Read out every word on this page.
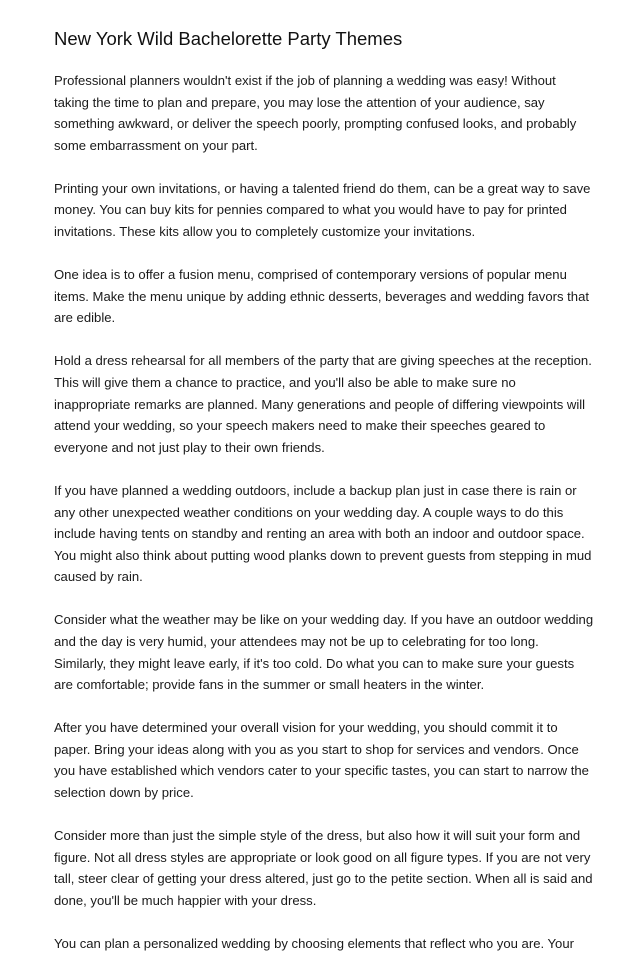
New York Wild Bachelorette Party Themes

Professional planners wouldn't exist if the job of planning a wedding was easy! Without
taking the time to plan and prepare, you may lose the attention of your audience, say
something awkward, or deliver the speech poorly, prompting confused looks, and probably
some embarrassment on your part.

Printing your own invitations, or having a talented friend do them, can be a great way to save
money. You can buy kits for pennies compared to what you would have to pay for printed
invitations. These kits allow you to completely customize your invitations.

One idea is to offer a fusion menu, comprised of contemporary versions of popular menu
items. Make the menu unique by adding ethnic desserts, beverages and wedding favors that
are edible.

Hold a dress rehearsal for all members of the party that are giving speeches at the reception.
This will give them a chance to practice, and you'll also be able to make sure no
inappropriate remarks are planned. Many generations and people of differing viewpoints will
attend your wedding, so your speech makers need to make their speeches geared to
everyone and not just play to their own friends.

If you have planned a wedding outdoors, include a backup plan just in case there is rain or
any other unexpected weather conditions on your wedding day. A couple ways to do this
include having tents on standby and renting an area with both an indoor and outdoor space.
You might also think about putting wood planks down to prevent guests from stepping in mud
caused by rain.

Consider what the weather may be like on your wedding day. If you have an outdoor wedding
and the day is very humid, your attendees may not be up to celebrating for too long.
Similarly, they might leave early, if it's too cold. Do what you can to make sure your guests
are comfortable; provide fans in the summer or small heaters in the winter.

After you have determined your overall vision for your wedding, you should commit it to
paper. Bring your ideas along with you as you start to shop for services and vendors. Once
you have established which vendors cater to your specific tastes, you can start to narrow the
selection down by price.

Consider more than just the simple style of the dress, but also how it will suit your form and
figure. Not all dress styles are appropriate or look good on all figure types. If you are not very
tall, steer clear of getting your dress altered, just go to the petite section. When all is said and
done, you'll be much happier with your dress.

You can plan a personalized wedding by choosing elements that reflect who you are. Your
